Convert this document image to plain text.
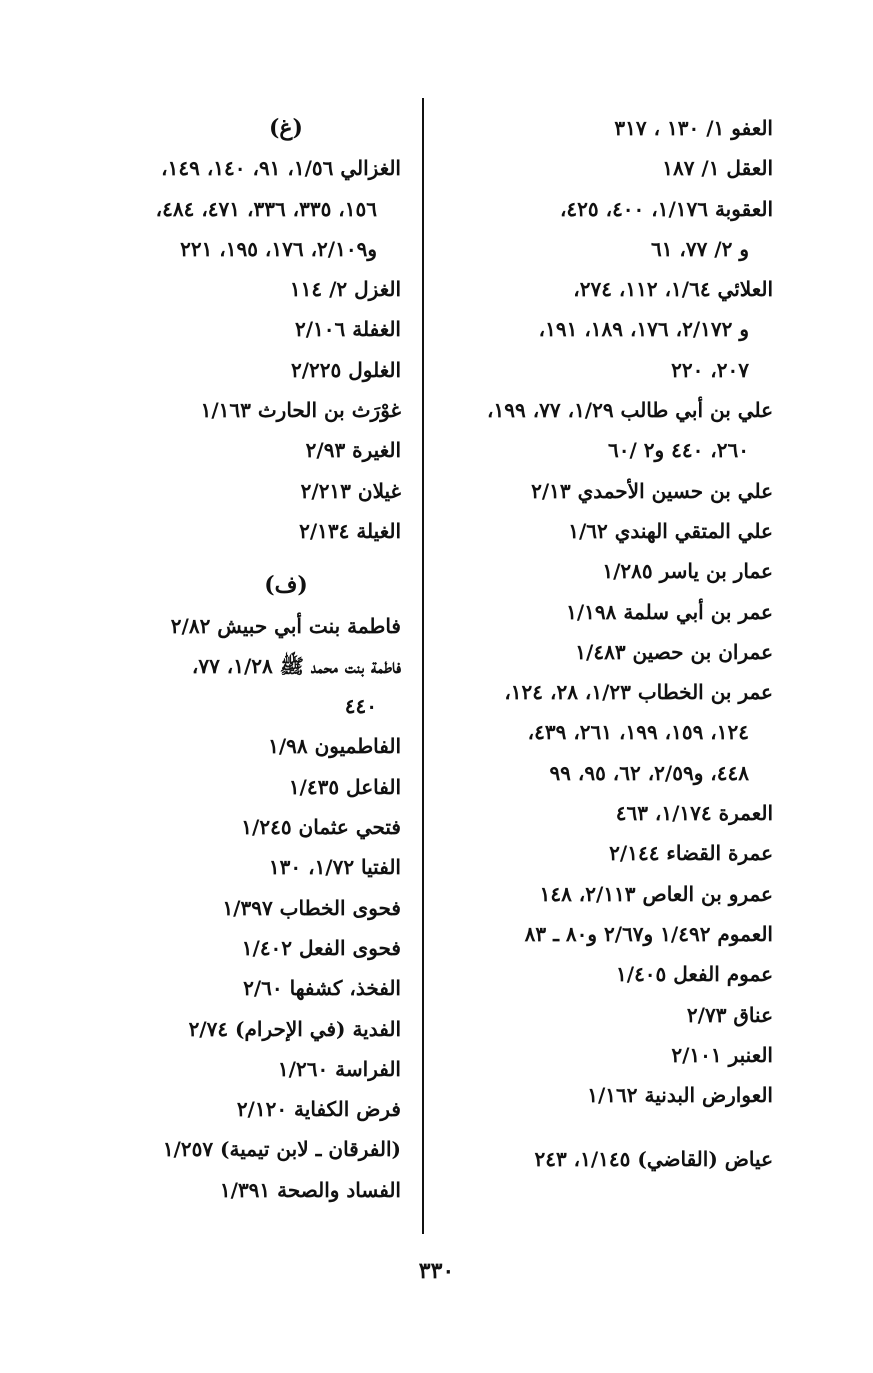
العفو ١/ ١٣٠ ، ٣١٧
العقل ١/ ١٨٧
العقوبة ١/١٧٦، ٤٠٠، ٤٢٥،
و ٢/ ٧٧، ٦١
العلائي ١/٦٤، ١١٢، ٢٧٤،
و ٢/١٧٢، ١٧٦، ١٨٩، ١٩١،
٢٠٧، ٢٢٠
علي بن أبي طالب ١/٢٩، ٧٧، ١٩٩،
٢٦٠، ٤٤٠ و٢ /٦٠
علي بن حسين الأحمدي ٢/١٣
علي المتقي الهندي ١/٦٢
عمار بن ياسر ١/٢٨٥
عمر بن أبي سلمة ١/١٩٨
عمران بن حصين ١/٤٨٣
عمر بن الخطاب ١/٢٣، ٢٨، ١٢٤،
١٢٤، ١٥٩، ١٩٩، ٢٦١، ٤٣٩،
٤٤٨، و٢/٥٩، ٦٢، ٩٥، ٩٩
العمرة ١/١٧٤، ٤٦٣
عمرة القضاء ٢/١٤٤
عمرو بن العاص ٢/١١٣، ١٤٨
العموم ١/٤٩٢ و٢/٦٧ و٨٠ ـ ٨٣
عموم الفعل ١/٤٠٥
عناق ٢/٧٣
العنبر ٢/١٠١
العوارض البدنية ١/١٦٢
عياض (القاضي) ١/١٤٥، ٢٤٣
(غ)
الغزالي ١/٥٦، ٩١، ١٤٠، ١٤٩،
١٥٦، ٣٣٥، ٣٣٦، ٤٧١، ٤٨٤،
و٢/١٠٩، ١٧٦، ١٩٥، ٢٢١
الغزل ٢/ ١١٤
الغفلة ٢/١٠٦
الغلول ٢/٢٢٥
غوْرَث بن الحارث ١/١٦٣
الغيرة ٢/٩٣
غيلان ٢/٢١٣
الغيلة ٢/١٣٤
(ف)
فاطمة بنت أبي حبيش ٢/٨٢
فاطمة بنت محمد ﷺ ١/٢٨، ٧٧،
٤٤٠
الفاطميون ١/٩٨
الفاعل ١/٤٣٥
فتحي عثمان ١/٢٤٥
الفتيا ١/٧٢، ١٣٠
فحوى الخطاب ١/٣٩٧
فحوى الفعل ١/٤٠٢
الفخذ، كشفها ٢/٦٠
الفدية (في الإحرام) ٢/٧٤
الفراسة ١/٢٦٠
فرض الكفاية ٢/١٢٠
(الفرقان ـ لابن تيمية) ١/٢٥٧
الفساد والصحة ١/٣٩١
٣٣٠
